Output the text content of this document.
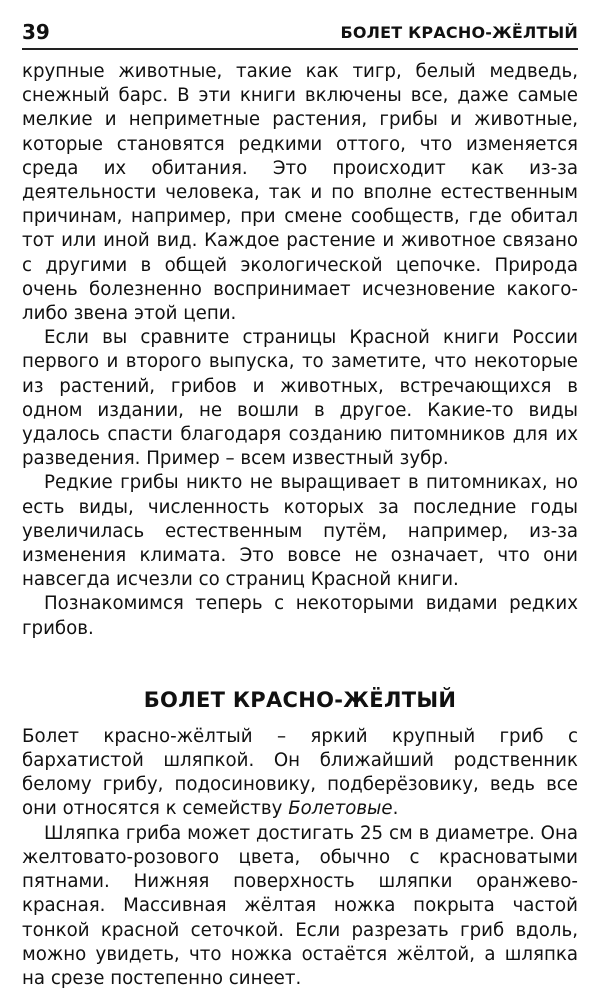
39	БОЛЕТ КРАСНО-ЖЁЛТЫЙ

крупные животные, такие как тигр, белый медведь, снежный барс. В эти книги включены все, даже самые мелкие и неприметные растения, грибы и животные, которые становятся редкими оттого, что изменяется среда их обитания. Это происходит как из-за деятельности человека, так и по вполне естественным причинам, например, при смене сообществ, где обитал тот или иной вид. Каждое растение и животное связано с другими в общей экологической цепочке. Природа очень болезненно воспринимает исчезновение какого-либо звена этой цепи.

Если вы сравните страницы Красной книги России первого и второго выпуска, то заметите, что некоторые из растений, грибов и животных, встречающихся в одном издании, не вошли в другое. Какие-то виды удалось спасти благодаря созданию питомников для их разведения. Пример – всем известный зубр.

Редкие грибы никто не выращивает в питомниках, но есть виды, численность которых за последние годы увеличилась естественным путём, например, из-за изменения климата. Это вовсе не означает, что они навсегда исчезли со страниц Красной книги.

Познакомимся теперь с некоторыми видами редких грибов.

БОЛЕТ КРАСНО-ЖЁЛТЫЙ

Болет красно-жёлтый – яркий крупный гриб с бархатистой шляпкой. Он ближайший родственник белому грибу, подосиновику, подберёзовику, ведь все они относятся к семейству Болетовые.

Шляпка гриба может достигать 25 см в диаметре. Она желтовато-розового цвета, обычно с красноватыми пятнами. Нижняя поверхность шляпки оранжево-красная. Массивная жёлтая ножка покрыта частой тонкой красной сеточкой. Если разрезать гриб вдоль, можно увидеть, что ножка остаётся жёлтой, а шляпка на срезе постепенно синеет.
